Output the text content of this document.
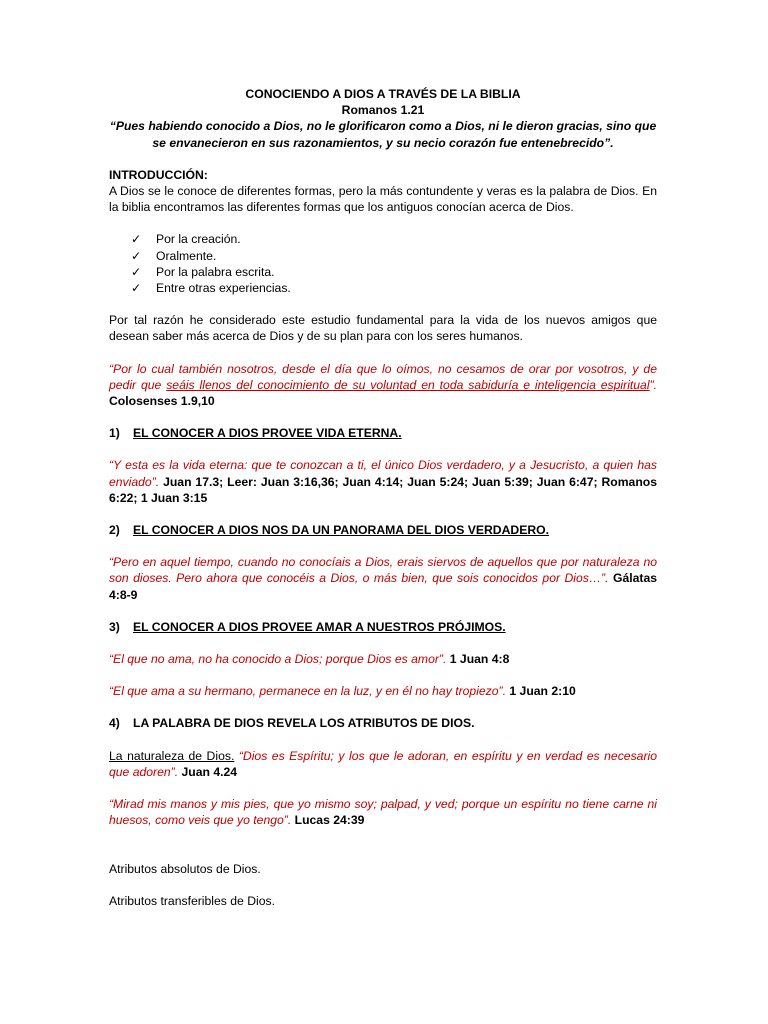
CONOCIENDO A DIOS A TRAVÉS DE LA BIBLIA

Romanos 1.21

“Pues habiendo conocido a Dios, no le glorificaron como a Dios, ni le dieron gracias, sino que se envanecieron en sus razonamientos, y su necio corazón fue entenebrecido”.

INTRODUCCIÓN:

A Dios se le conoce de diferentes formas, pero la más contundente y veras es la palabra de Dios. En la biblia encontramos las diferentes formas que los antiguos conocían acerca de Dios.

✓ Por la creación.
✓ Oralmente.
✓ Por la palabra escrita.
✓ Entre otras experiencias.

Por tal razón he considerado este estudio fundamental para la vida de los nuevos amigos que desean saber más acerca de Dios y de su plan para con los seres humanos.

“Por lo cual también nosotros, desde el día que lo oímos, no cesamos de orar por vosotros, y de pedir que seáis llenos del conocimiento de su voluntad en toda sabiduría e inteligencia espiritual”. Colosenses 1.9,10

1)	EL CONOCER A DIOS PROVEE VIDA ETERNA.

“Y esta es la vida eterna: que te conozcan a ti, el único Dios verdadero, y a Jesucristo, a quien has enviado”. Juan 17.3; Leer: Juan 3:16,36; Juan 4:14; Juan 5:24; Juan 5:39; Juan 6:47; Romanos 6:22; 1 Juan 3:15

2)	EL CONOCER A DIOS NOS DA UN PANORAMA DEL DIOS VERDADERO.

“Pero en aquel tiempo, cuando no conocíais a Dios, erais siervos de aquellos que por naturaleza no son dioses. Pero ahora que conocéis a Dios, o más bien, que sois conocidos por Dios…”. Gálatas 4:8-9

3)	EL CONOCER A DIOS PROVEE AMAR A NUESTROS PRÓJIMOS.

“El que no ama, no ha conocido a Dios; porque Dios es amor”. 1 Juan 4:8

“El que ama a su hermano, permanece en la luz, y en él no hay tropiezo”. 1 Juan 2:10

4)	LA PALABRA DE DIOS REVELA LOS ATRIBUTOS DE DIOS.

La naturaleza de Dios. “Dios es Espíritu; y los que le adoran, en espíritu y en verdad es necesario que adoren”. Juan 4.24

“Mirad mis manos y mis pies, que yo mismo soy; palpad, y ved; porque un espíritu no tiene carne ni huesos, como veis que yo tengo”. Lucas 24:39

Atributos absolutos de Dios.

Atributos transferibles de Dios.
